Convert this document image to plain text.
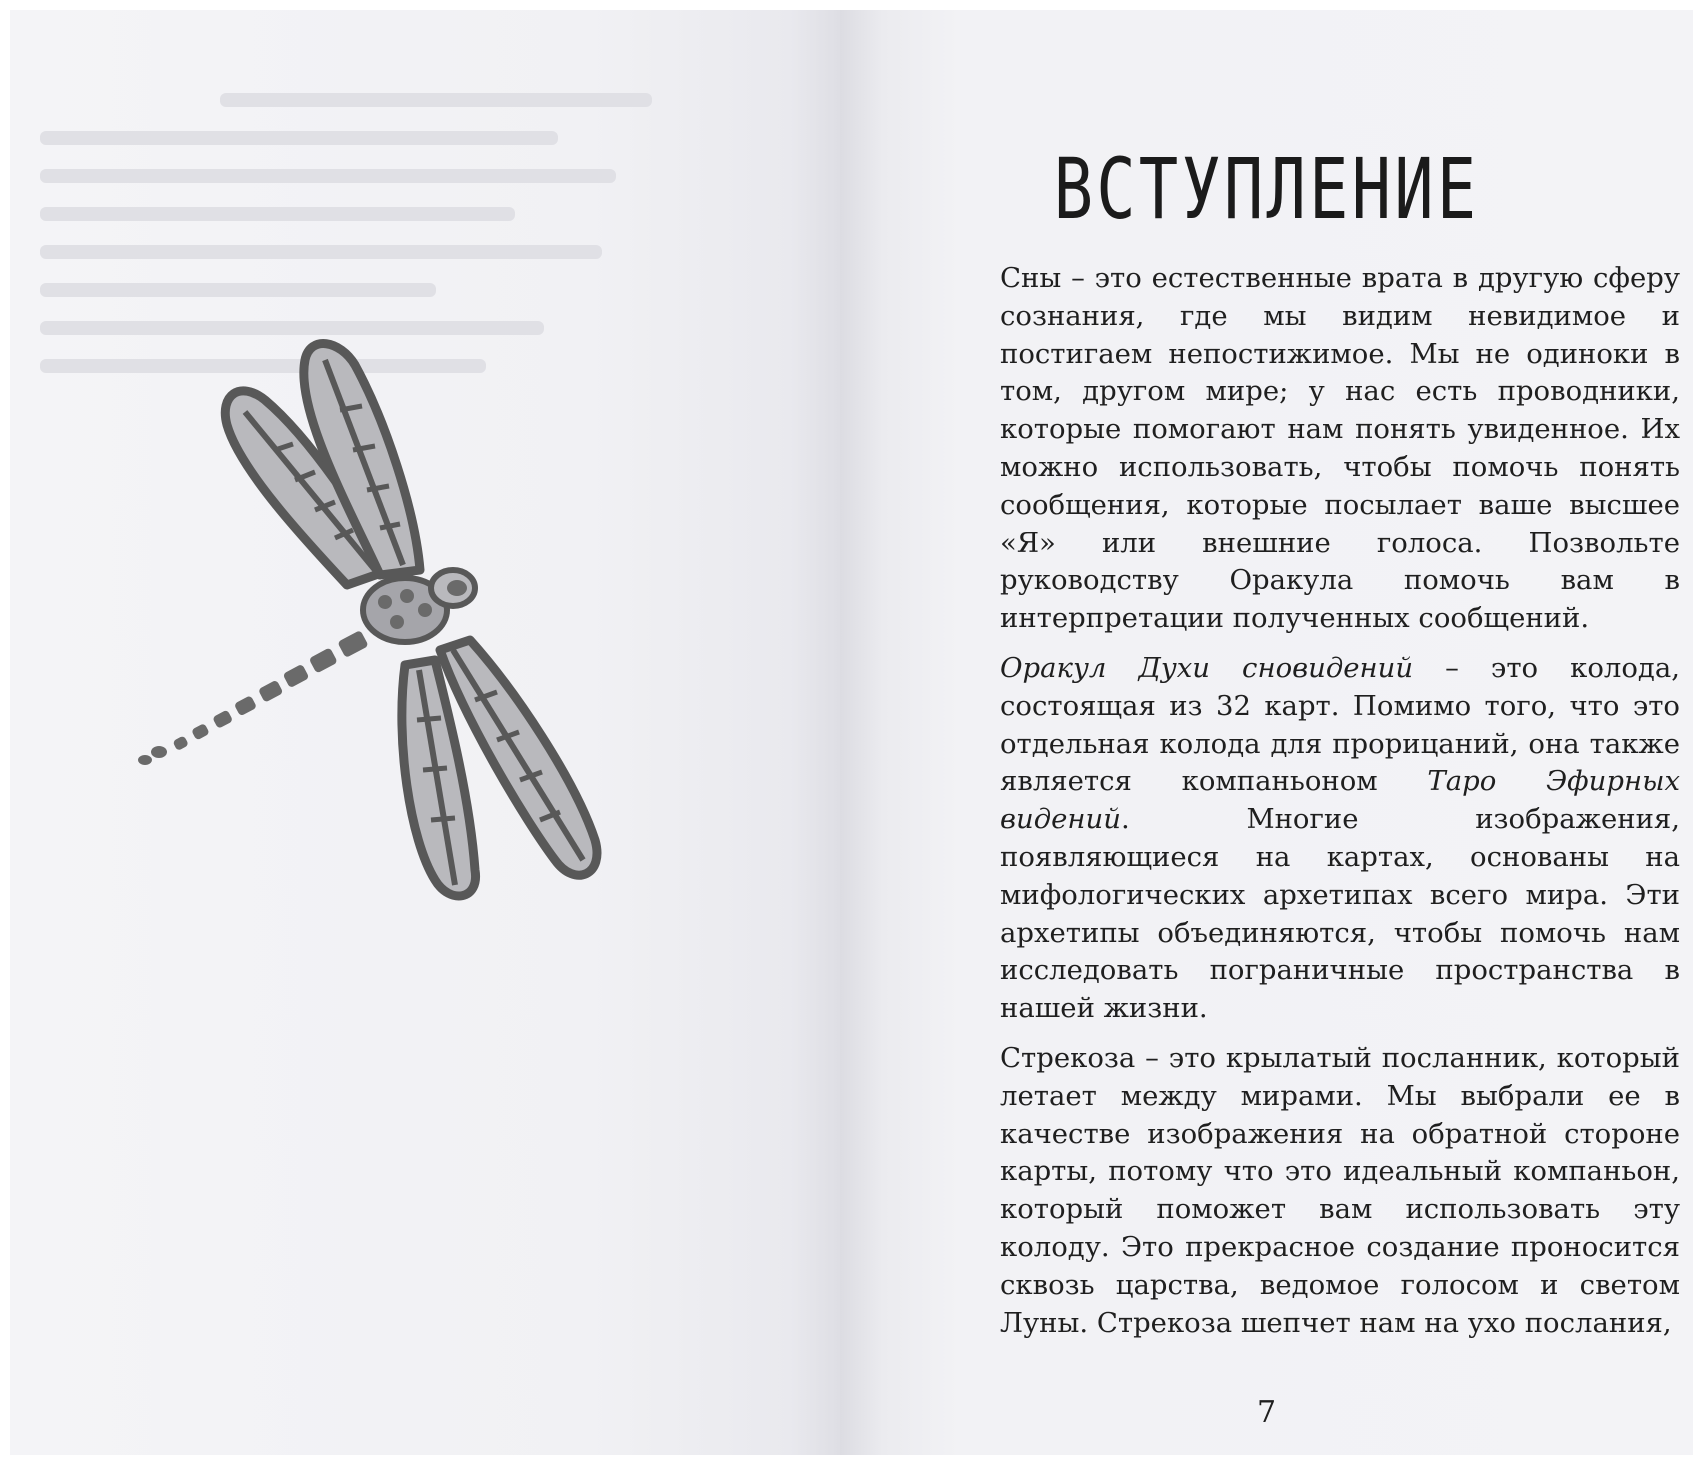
ВСТУПЛЕНИЕ

Сны – это естественные врата в другую сферу сознания, где мы видим невидимое и постигаем непостижимое. Мы не одиноки в том, другом мире; у нас есть проводники, которые помогают нам понять увиденное. Их можно использовать, чтобы помочь понять сообщения, которые посылает ваше высшее «Я» или внешние голоса. Позвольте руководству Оракула помочь вам в интерпретации полученных сообщений.

Оракул Духи сновидений – это колода, состоящая из 32 карт. Помимо того, что это отдельная колода для прорицаний, она также является компаньоном Таро Эфирных видений. Многие изображения, появляющиеся на картах, основаны на мифологических архетипах всего мира. Эти архетипы объединяются, чтобы помочь нам исследовать пограничные пространства в нашей жизни.

Стрекоза – это крылатый посланник, который летает между мирами. Мы выбрали ее в качестве изображения на обратной стороне карты, потому что это идеальный компаньон, который поможет вам использовать эту колоду. Это прекрасное создание проносится сквозь царства, ведомое голосом и светом Луны. Стрекоза шепчет нам на ухо послания,

7
